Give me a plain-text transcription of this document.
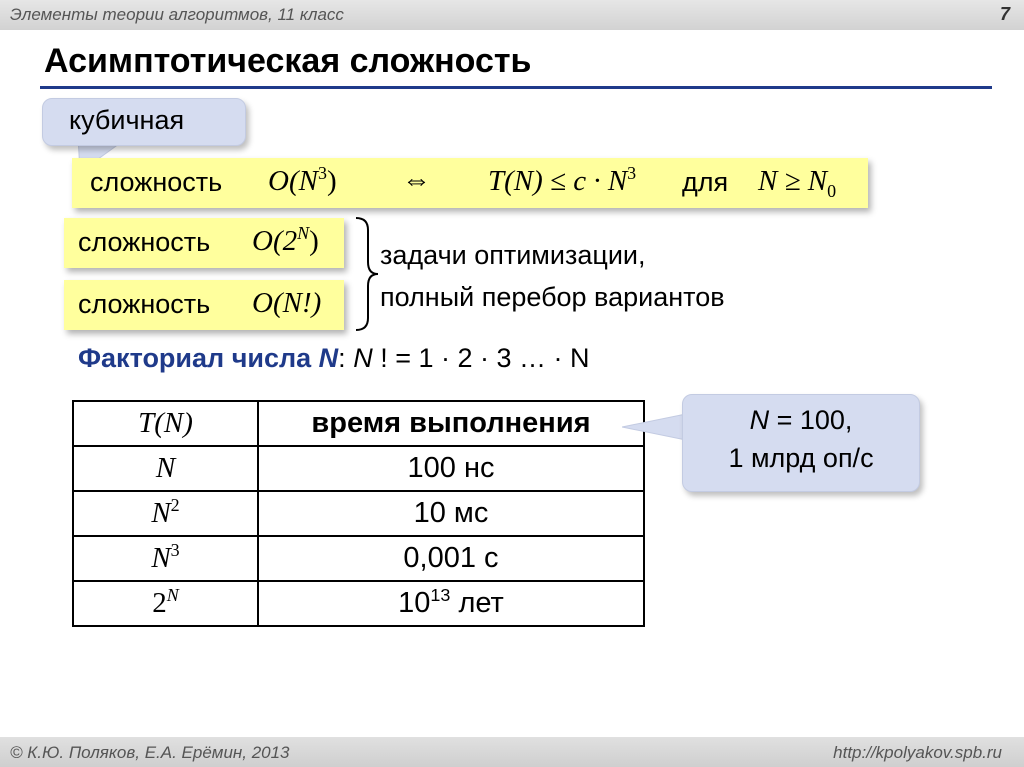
Элементы теории алгоритмов, 11 класс	7
Асимптотическая сложность
кубичная
сложность $O(N^3)$ ⇔ $T(N) \le c \cdot N^3$ для $N \ge N_0$
сложность $O(2^N)$
сложность O(N!)
задачи оптимизации,
полный перебор вариантов
Факториал числа N: N ! = 1 · 2 · 3 … · N
T(N)	время выполнения
N	100 нс
$N^2$	10 мс
$N^3$	0,001 с
$2^N$	$10^{13}$ лет
N = 100,
1 млрд оп/с
© К.Ю. Поляков, Е.А. Ерёмин, 2013	http://kpolyakov.spb.ru
